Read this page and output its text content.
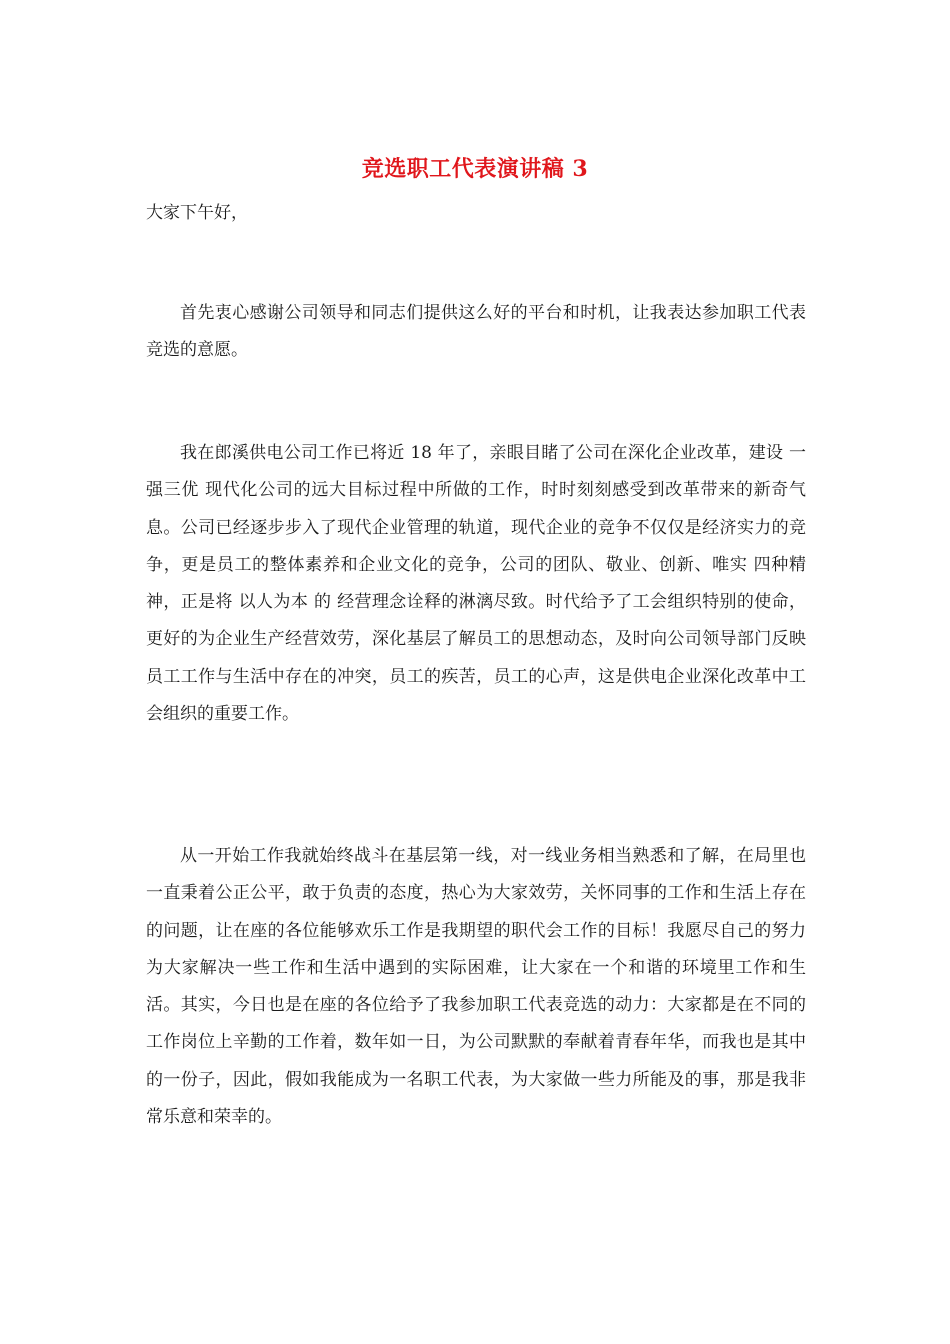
竞选职工代表演讲稿 3
大家下午好，

首先衷心感谢公司领导和同志们提供这么好的平台和时机，让我表达参加职工代表竞选的意愿。

我在郎溪供电公司工作已将近 18 年了，亲眼目睹了公司在深化企业改革，建设 一强三优 现代化公司的远大目标过程中所做的工作，时时刻刻感受到改革带来的新奇气息。公司已经逐步步入了现代企业管理的轨道，现代企业的竞争不仅仅是经济实力的竞争，更是员工的整体素养和企业文化的竞争，公司的团队、敬业、创新、唯实 四种精神，正是将 以人为本 的 经营理念诠释的淋漓尽致。时代给予了工会组织特别的使命，更好的为企业生产经营效劳，深化基层了解员工的思想动态，及时向公司领导部门反映员工工作与生活中存在的冲突，员工的疾苦，员工的心声，这是供电企业深化改革中工会组织的重要工作。

从一开始工作我就始终战斗在基层第一线，对一线业务相当熟悉和了解，在局里也一直秉着公正公平，敢于负责的态度，热心为大家效劳，关怀同事的工作和生活上存在的问题，让在座的各位能够欢乐工作是我期望的职代会工作的目标！我愿尽自己的努力为大家解决一些工作和生活中遇到的实际困难，让大家在一个和谐的环境里工作和生活。其实，今日也是在座的各位给予了我参加职工代表竞选的动力：大家都是在不同的工作岗位上辛勤的工作着，数年如一日，为公司默默的奉献着青春年华，而我也是其中的一份子，因此，假如我能成为一名职工代表，为大家做一些力所能及的事，那是我非常乐意和荣幸的。
